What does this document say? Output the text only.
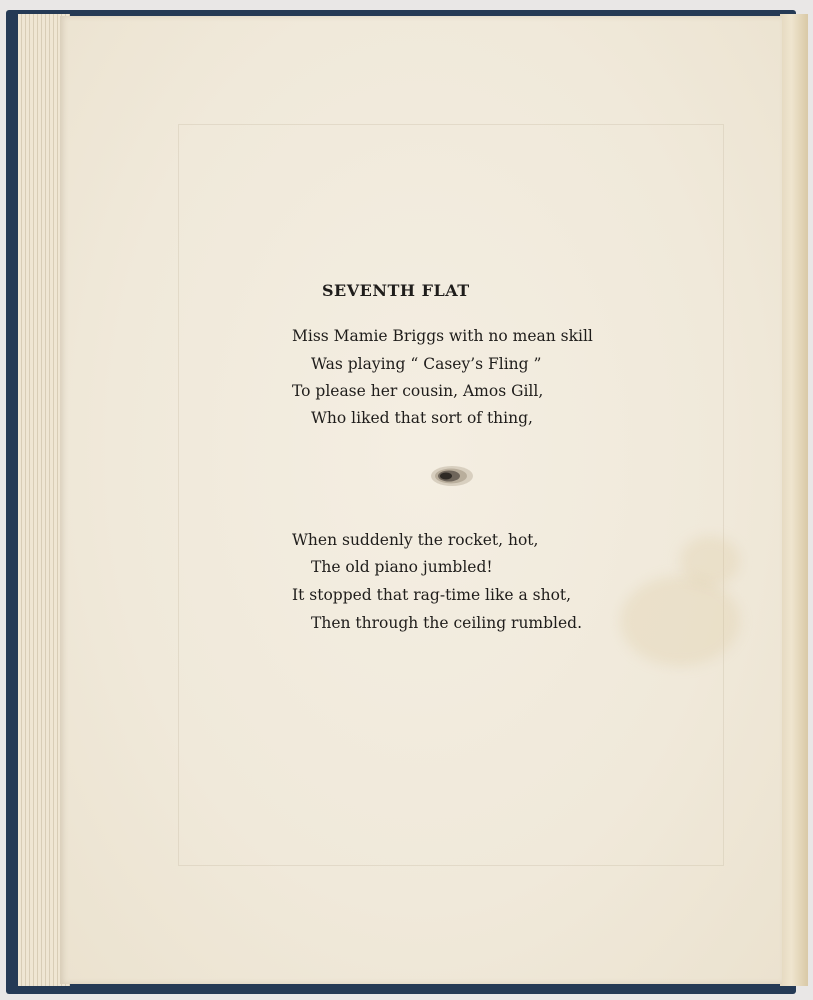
SEVENTH FLAT

Miss Mamie Briggs with no mean skill

Was playing “ Casey’s Fling ”

To please her cousin, Amos Gill,

Who liked that sort of thing,

When suddenly the rocket, hot,

The old piano jumbled!

It stopped that rag-time like a shot,

Then through the ceiling rumbled.
